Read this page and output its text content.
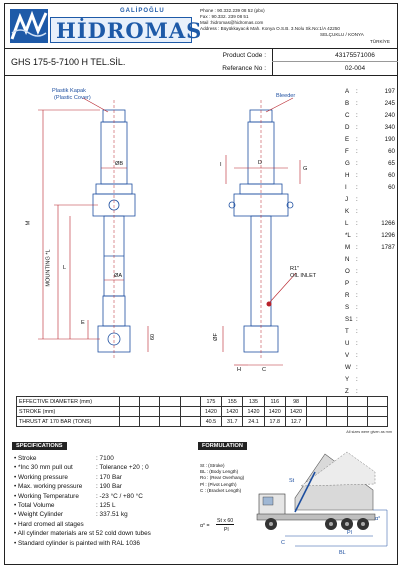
HİDROMAS
GALİPOĞLU	Phone : 90.332.239 08 52 (pbx)
Fax : 90.332. 239 08 51
Mail :hidromas@hidromas.com
Address : Büyükkayacık Mah. Konya O.S.B. 3.Nolu Sk.No:1/A 42250
SELÇUKLU / KONYA
TÜRKİYE
GHS 175-5-7100 H TEL.SİL.
Product Code :	43175571006
Referance No :	02-004
Plastik Kapak
(Plastic Cover)	Bleeder
R1"
OIL INLET
M
MOUNTING *L L
E
ØB
ØA
60
D
I
G
ØF
H	C
A	:	197
B	:	245
C	:	240
D	:	340
E	:	190
F	:	60
G :	65
H	:	60
I	:	60
J	:
K	:
L	:	1266
*L :	1296
M :	1787
N	:
O :
P	:
R	:
S	:
S1 :
T	:
U	:
V	:
W :
Y	:
Z	:
EFFECTIVE DIAMETER (mm)					175	155	135	116	98				
STROKE (mm)					1420	1420	1420	1420	1420				
THRUST AT 170 BAR (TONS)					40.5	31.7	24.1	17.8	12.7				
All sizes were given as mm
SPECIFICATIONS
• Stroke	: 7100
• *Inc 30 mm pull out	: Tolerance +20 ; 0
• Working pressure	: 170 Bar
• Max. working pressure : 190 Bar
• Working Temperature	: -23 °C / +80 °C
• Total Volume	: 125 L
• Weight Cylinder	: 337.51 kg
• Hard cromed all stages
• All cylinder materials are st 52 cold down tubes
• Standard cylinder is painted with RAL 1036
FORMULATION
St : (Stroke)
BL : (Body Length)
Ro : (Rear Overhang)
Pl : (Pivot Length)
C : (Bracket Length)
α° =
St x 60
Pl
St
Pl
BL
C
α°
